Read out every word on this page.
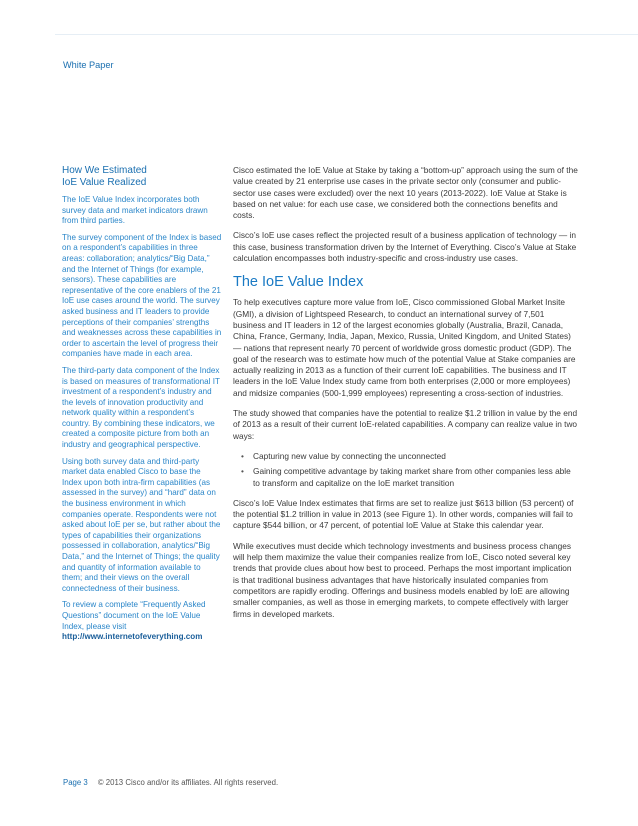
White Paper
How We Estimated
IoE Value Realized

The IoE Value Index incorporates both survey data and market indicators drawn from third parties.

The survey component of the Index is based on a respondent’s capabilities in three areas: collaboration; analytics/“Big Data,” and the Internet of Things (for example, sensors). These capabilities are representative of the core enablers of the 21 IoE use cases around the world. The survey asked business and IT leaders to provide perceptions of their companies’ strengths and weaknesses across these capabilities in order to ascertain the level of progress their companies have made in each area.

The third-party data component of the Index is based on measures of transformational IT investment of a respondent’s industry and the levels of innovation productivity and network quality within a respondent’s country. By combining these indicators, we created a composite picture from both an industry and geographical perspective.

Using both survey data and third-party market data enabled Cisco to base the Index upon both intra-firm capabilities (as assessed in the survey) and “hard” data on the business environment in which companies operate. Respondents were not asked about IoE per se, but rather about the types of capabilities their organizations possessed in collaboration, analytics/“Big Data,” and the Internet of Things; the quality and quantity of information available to them; and their views on the overall connectedness of their business.

To review a complete “Frequently Asked Questions” document on the IoE Value Index, please visit http://www.internetofeverything.com

Cisco estimated the IoE Value at Stake by taking a “bottom-up” approach using the sum of the value created by 21 enterprise use cases in the private sector only (consumer and public-sector use cases were excluded) over the next 10 years (2013-2022). IoE Value at Stake is based on net value: for each use case, we considered both the connections benefits and costs.

Cisco’s IoE use cases reflect the projected result of a business application of technology — in this case, business transformation driven by the Internet of Everything. Cisco’s Value at Stake calculation encompasses both industry-specific and cross-industry use cases.

The IoE Value Index

To help executives capture more value from IoE, Cisco commissioned Global Market Insite (GMI), a division of Lightspeed Research, to conduct an international survey of 7,501 business and IT leaders in 12 of the largest economies globally (Australia, Brazil, Canada, China, France, Germany, India, Japan, Mexico, Russia, United Kingdom, and United States) — nations that represent nearly 70 percent of worldwide gross domestic product (GDP). The goal of the research was to estimate how much of the potential Value at Stake companies are actually realizing in 2013 as a function of their current IoE capabilities. The business and IT leaders in the IoE Value Index study came from both enterprises (2,000 or more employees) and midsize companies (500-1,999 employees) representing a cross-section of industries.

The study showed that companies have the potential to realize $1.2 trillion in value by the end of 2013 as a result of their current IoE-related capabilities. A company can realize value in two ways:

• Capturing new value by connecting the unconnected
• Gaining competitive advantage by taking market share from other companies less able to transform and capitalize on the IoE market transition

Cisco’s IoE Value Index estimates that firms are set to realize just $613 billion (53 percent) of the potential $1.2 trillion in value in 2013 (see Figure 1). In other words, companies will fail to capture $544 billion, or 47 percent, of potential IoE Value at Stake this calendar year.

While executives must decide which technology investments and business process changes will help them maximize the value their companies realize from IoE, Cisco noted several key trends that provide clues about how best to proceed. Perhaps the most important implication is that traditional business advantages that have historically insulated companies from competitors are rapidly eroding. Offerings and business models enabled by IoE are allowing smaller companies, as well as those in emerging markets, to compete effectively with larger firms in developed markets.

Page 3 © 2013 Cisco and/or its affiliates. All rights reserved.
